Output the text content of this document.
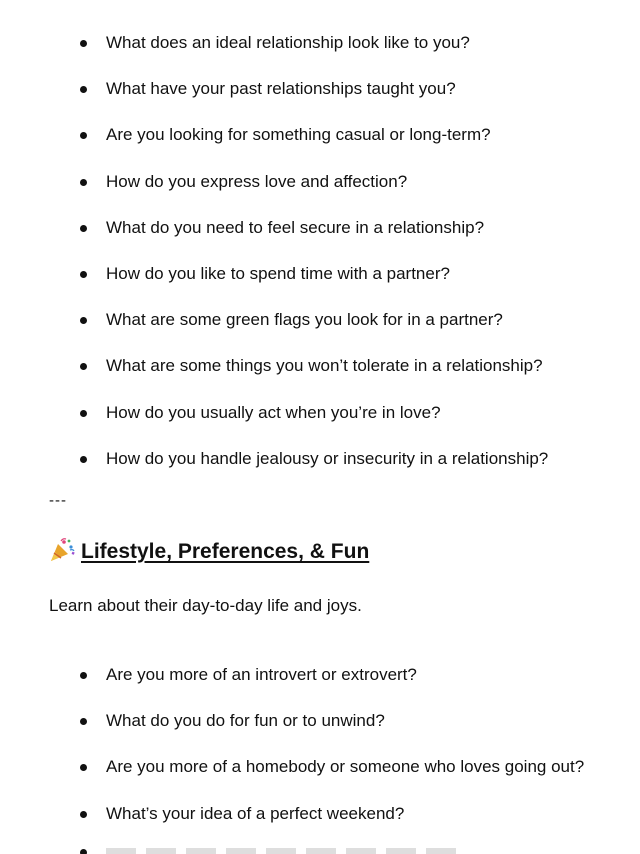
What does an ideal relationship look like to you?
What have your past relationships taught you?
Are you looking for something casual or long-term?
How do you express love and affection?
What do you need to feel secure in a relationship?
How do you like to spend time with a partner?
What are some green flags you look for in a partner?
What are some things you won’t tolerate in a relationship?
How do you usually act when you’re in love?
How do you handle jealousy or insecurity in a relationship?
---
Lifestyle, Preferences, & Fun
Learn about their day-to-day life and joys.
Are you more of an introvert or extrovert?
What do you do for fun or to unwind?
Are you more of a homebody or someone who loves going out?
What’s your idea of a perfect weekend?
